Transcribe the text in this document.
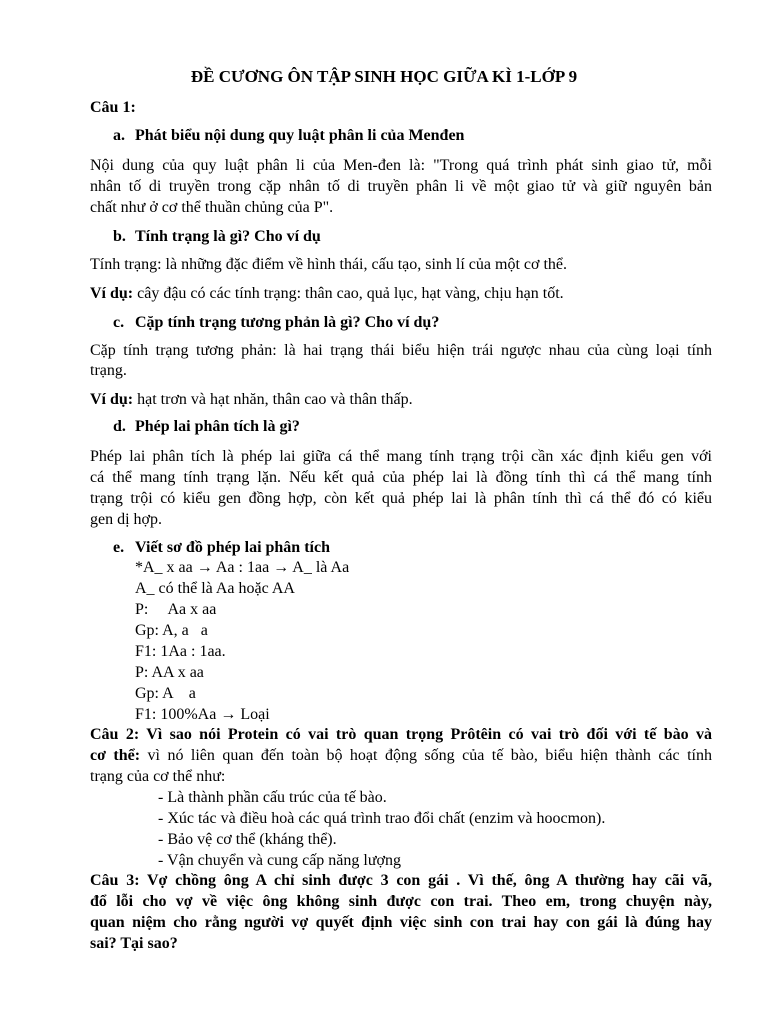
ĐỀ CƯƠNG ÔN TẬP SINH HỌC GIỮA KÌ 1-LỚP 9
Câu 1:
a. Phát biểu nội dung quy luật phân li của Menđen
Nội dung của quy luật phân li của Men-đen là: "Trong quá trình phát sinh giao tử, mỗi
nhân tố di truyền trong cặp nhân tố di truyền phân li về một giao tử và giữ nguyên bản
chất như ở cơ thể thuần chủng của P".
b. Tính trạng là gì? Cho ví dụ
Tính trạng: là những đặc điểm về hình thái, cấu tạo, sinh lí của một cơ thể.
Ví dụ: cây đậu có các tính trạng: thân cao, quả lục, hạt vàng, chịu hạn tốt.
c. Cặp tính trạng tương phản là gì? Cho ví dụ?
Cặp tính trạng tương phản: là hai trạng thái biểu hiện trái ngược nhau của cùng loại tính
trạng.
Ví dụ: hạt trơn và hạt nhăn, thân cao và thân thấp.
d. Phép lai phân tích là gì?
Phép lai phân tích là phép lai giữa cá thể mang tính trạng trội cần xác định kiểu gen với
cá thể mang tính trạng lặn. Nếu kết quả của phép lai là đồng tính thì cá thể mang tính
trạng trội có kiểu gen đồng hợp, còn kết quả phép lai là phân tính thì cá thể đó có kiểu
gen dị hợp.
e. Viết sơ đồ phép lai phân tích
*A_ x aa → Aa : 1aa → A_ là Aa
A_ có thể là Aa hoặc AA
P:     Aa x aa
Gp: A, a   a
F1: 1Aa : 1aa.
P: AA x aa
Gp: A    a
F1: 100%Aa → Loại
Câu 2: Vì sao nói Protein có vai trò quan trọng Prôtêin có vai trò đối với tế bào và
cơ thể: vì nó liên quan đến toàn bộ hoạt động sống của tế bào, biểu hiện thành các tính
trạng của cơ thể như:
- Là thành phần cấu trúc của tế bào.
- Xúc tác và điều hoà các quá trình trao đổi chất (enzim và hoocmon).
- Bảo vệ cơ thể (kháng thể).
- Vận chuyển và cung cấp năng lượng
Câu 3: Vợ chồng ông A chỉ sinh được 3 con gái . Vì thế, ông A thường hay cãi vã,
đổ lỗi cho vợ về việc ông không sinh được con trai. Theo em, trong chuyện này,
quan niệm cho rằng người vợ quyết định việc sinh con trai hay con gái là đúng hay
sai? Tại sao?
